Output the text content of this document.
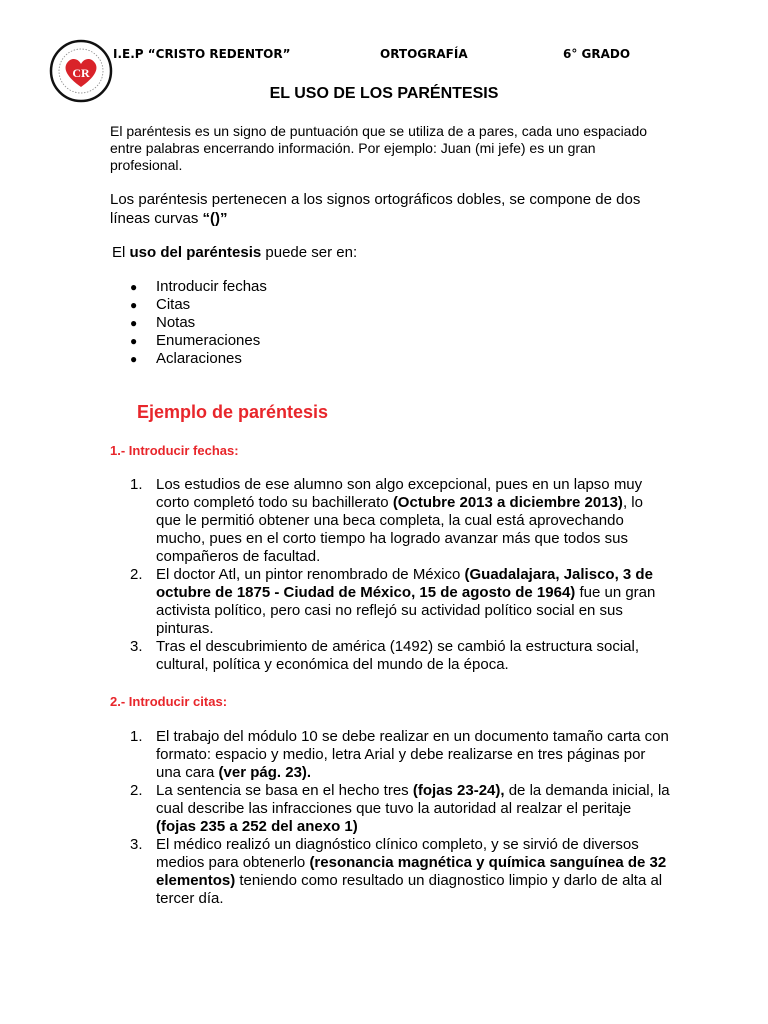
CR
I.E.P “CRISTO REDENTOR”	ORTOGRAFÍA	6° GRADO
EL USO DE LOS PARÉNTESIS

El paréntesis es un signo de puntuación que se utiliza de a pares, cada uno espaciado entre palabras encerrando información. Por ejemplo: Juan (mi jefe) es un gran profesional.

Los paréntesis pertenecen a los signos ortográficos dobles, se compone de dos líneas curvas “()”

El uso del paréntesis puede ser en:

● Introducir fechas
● Citas
● Notas
● Enumeraciones
● Aclaraciones
Ejemplo de paréntesis
1.- Introducir fechas:
1. Los estudios de ese alumno son algo excepcional, pues en un lapso muy corto completó todo su bachillerato (Octubre 2013 a diciembre 2013), lo que le permitió obtener una beca completa, la cual está aprovechando mucho, pues en el corto tiempo ha logrado avanzar más que todos sus compañeros de facultad.
2. El doctor Atl, un pintor renombrado de México (Guadalajara, Jalisco, 3 de octubre de 1875 - Ciudad de México, 15 de agosto de 1964) fue un gran activista político, pero casi no reflejó su actividad político social en sus pinturas.
3. Tras el descubrimiento de américa (1492) se cambió la estructura social, cultural, política y económica del mundo de la época.
2.- Introducir citas:
1. El trabajo del módulo 10 se debe realizar en un documento tamaño carta con formato: espacio y medio, letra Arial y debe realizarse en tres páginas por una cara (ver pág. 23).
2. La sentencia se basa en el hecho tres (fojas 23-24), de la demanda inicial, la cual describe las infracciones que tuvo la autoridad al realzar el peritaje (fojas 235 a 252 del anexo 1)
3. El médico realizó un diagnóstico clínico completo, y se sirvió de diversos medios para obtenerlo (resonancia magnética y química sanguínea de 32 elementos) teniendo como resultado un diagnostico limpio y darlo de alta al tercer día.
